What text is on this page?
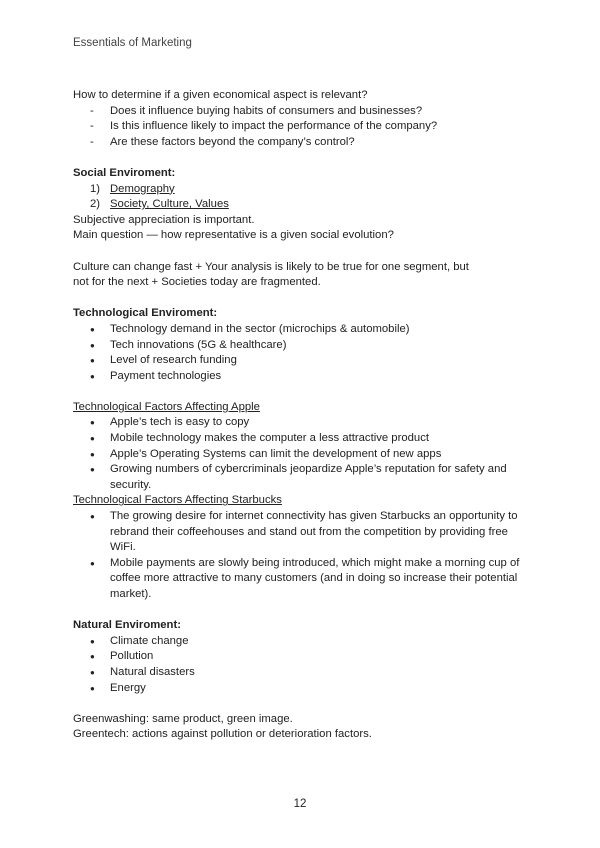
Essentials of Marketing

How to determine if a given economical aspect is relevant?

- Does it influence buying habits of consumers and businesses?
- Is this influence likely to impact the performance of the company?
- Are these factors beyond the company’s control?

Social Enviroment:

1) Demography
2) Society, Culture, Values

Subjective appreciation is important.

Main question — how representative is a given social evolution?

Culture can change fast + Your analysis is likely to be true for one segment, but

not for the next + Societies today are fragmented.

Technological Enviroment:

● Technology demand in the sector (microchips & automobile)
● Tech innovations (5G & healthcare)
● Level of research funding
● Payment technologies

Technological Factors Affecting Apple

● Apple’s tech is easy to copy
● Mobile technology makes the computer a less attractive product
● Apple’s Operating Systems can limit the development of new apps
● Growing numbers of cybercriminals jeopardize Apple’s reputation for safety and security.

Technological Factors Affecting Starbucks

● The growing desire for internet connectivity has given Starbucks an opportunity to rebrand their coffeehouses and stand out from the competition by providing free WiFi.
● Mobile payments are slowly being introduced, which might make a morning cup of coffee more attractive to many customers (and in doing so increase their potential market).

Natural Enviroment:

● Climate change
● Pollution
● Natural disasters
● Energy

Greenwashing: same product, green image.

Greentech: actions against pollution or deterioration factors.

12
